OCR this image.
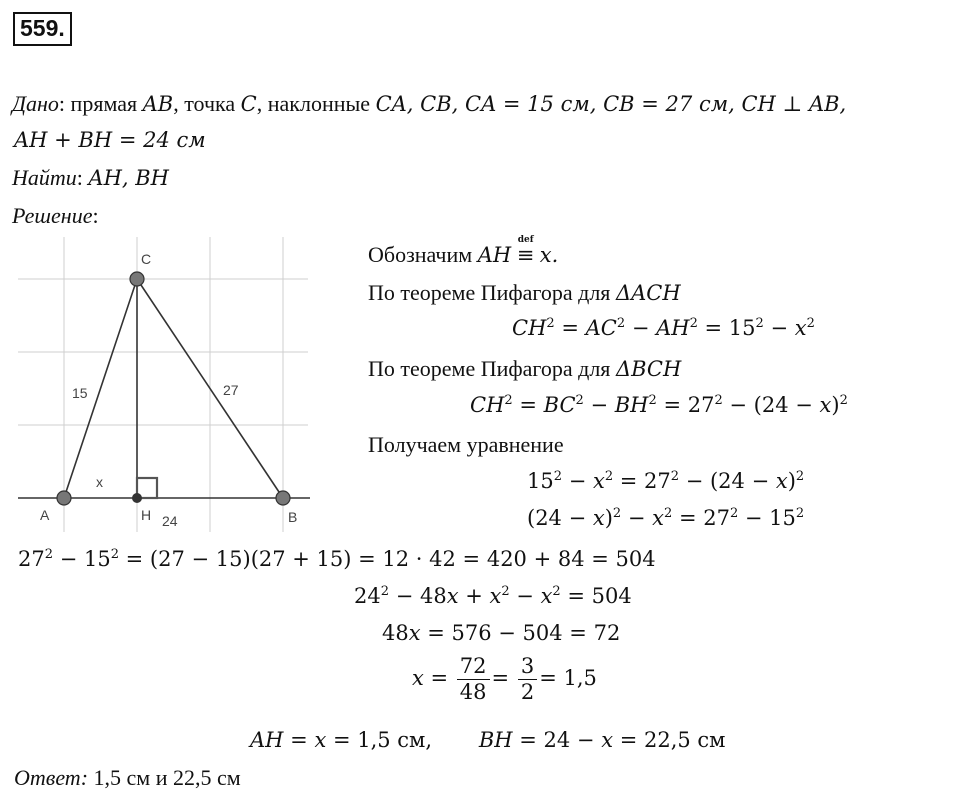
559.
Дано: прямая AB, точка C, наклонные CA, CB, CA = 15 см, CB = 27 см, CH ⊥ AB,
AH + BH = 24 см
Найти: AH, BH
Решение:
A	B
C
H
15	27
x
24
Обозначим AH ≡
def
x.
По теореме Пифагора для ΔACH
$CH^2 = AC^2 - AH^2 = 15^2 - x^2$
По теореме Пифагора для ΔBCH
$CH^2 = BC^2 - BH^2 = 27^2 - (24 - x)^2$
Получаем уравнение
$15^2 - x^2 = 27^2 - (24 - x)^2$
$(24 - x)^2 - x^2 = 27^2 - 15^2$
$27^2 - 15^2 = (27 - 15)(27 + 15) = 12 \cdot 42 = 420 + 84 = 504$
$24^2 - 48x + x^2 - x^2 = 504$
48x = 576 − 504 = 72
$x = \frac{72}{48} = \frac{3}{2} = 1,5$
AH = x = 1,5 см,       BH = 24 − x = 22,5 см
Ответ: 1,5 см и 22,5 см
